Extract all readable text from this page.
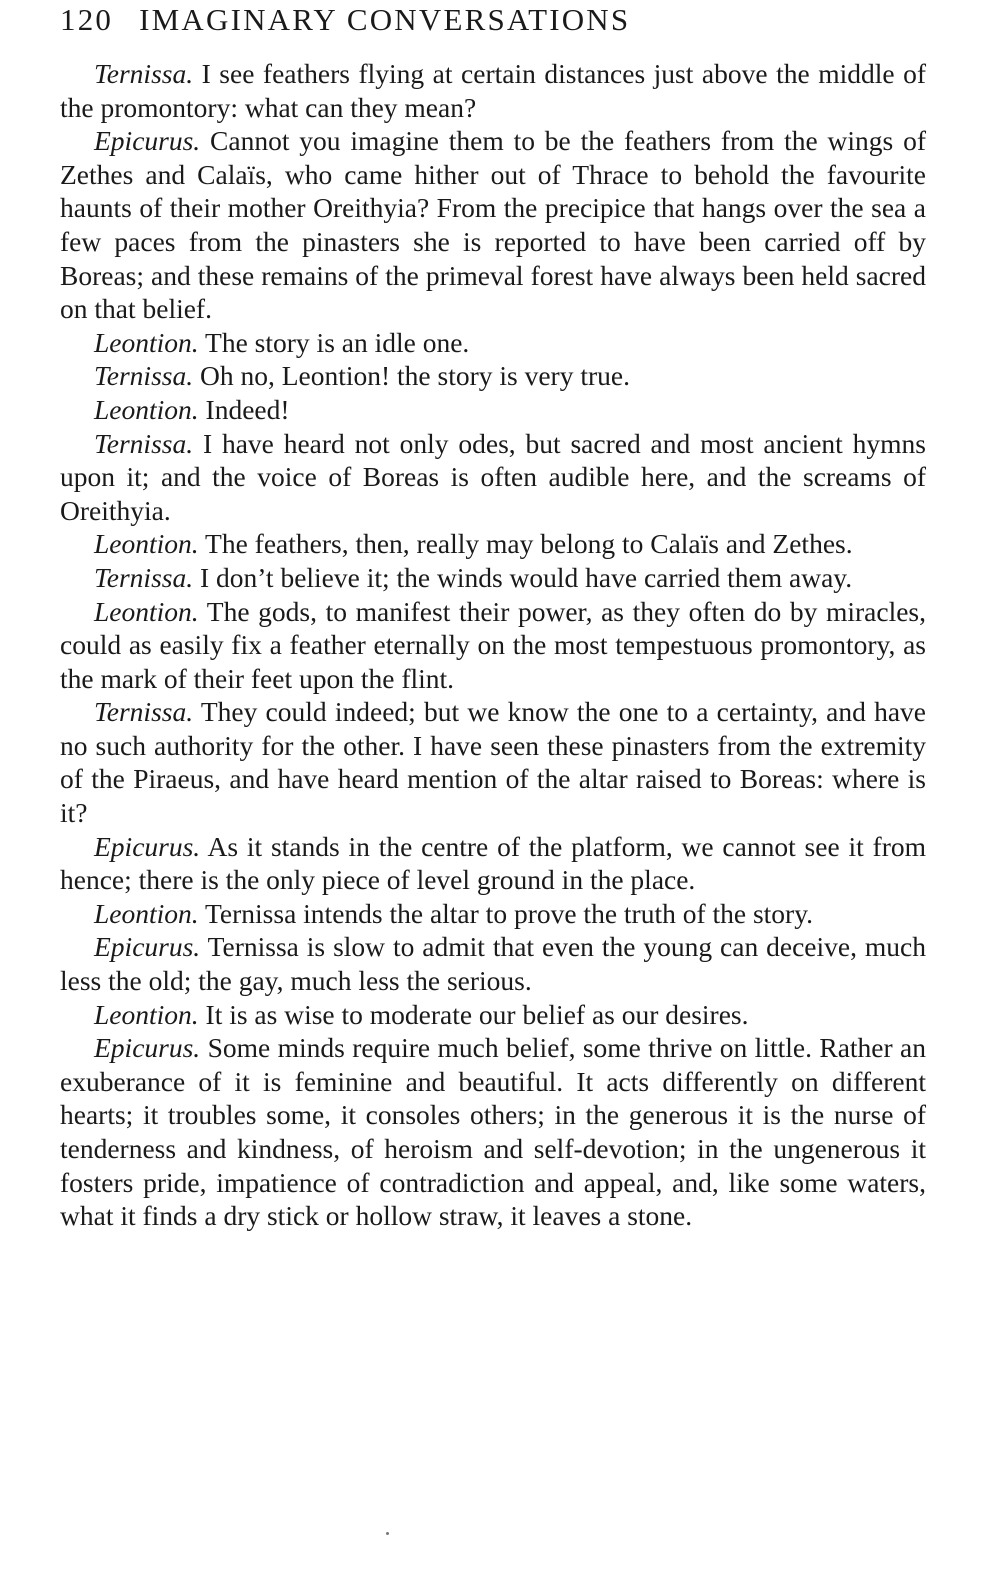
120 IMAGINARY CONVERSATIONS

Ternissa. I see feathers flying at certain distances just above the middle of the promontory: what can they mean?

Epicurus. Cannot you imagine them to be the feathers from the wings of Zethes and Calaïs, who came hither out of Thrace to behold the favourite haunts of their mother Oreithyia? From the precipice that hangs over the sea a few paces from the pinasters she is reported to have been carried off by Boreas; and these remains of the primeval forest have always been held sacred on that belief.

Leontion. The story is an idle one.

Ternissa. Oh no, Leontion! the story is very true.

Leontion. Indeed!

Ternissa. I have heard not only odes, but sacred and most ancient hymns upon it; and the voice of Boreas is often audible here, and the screams of Oreithyia.

Leontion. The feathers, then, really may belong to Calaïs and Zethes.

Ternissa. I don’t believe it; the winds would have carried them away.

Leontion. The gods, to manifest their power, as they often do by miracles, could as easily fix a feather eternally on the most tempestuous promontory, as the mark of their feet upon the flint.

Ternissa. They could indeed; but we know the one to a certainty, and have no such authority for the other. I have seen these pinasters from the extremity of the Piraeus, and have heard mention of the altar raised to Boreas: where is it?

Epicurus. As it stands in the centre of the platform, we cannot see it from hence; there is the only piece of level ground in the place.

Leontion. Ternissa intends the altar to prove the truth of the story.

Epicurus. Ternissa is slow to admit that even the young can deceive, much less the old; the gay, much less the serious.

Leontion. It is as wise to moderate our belief as our desires.

Epicurus. Some minds require much belief, some thrive on little. Rather an exuberance of it is feminine and beautiful. It acts differently on different hearts; it troubles some, it consoles others; in the generous it is the nurse of tenderness and kindness, of heroism and self-devotion; in the ungenerous it fosters pride, impatience of contradiction and appeal, and, like some waters, what it finds a dry stick or hollow straw, it leaves a stone.
